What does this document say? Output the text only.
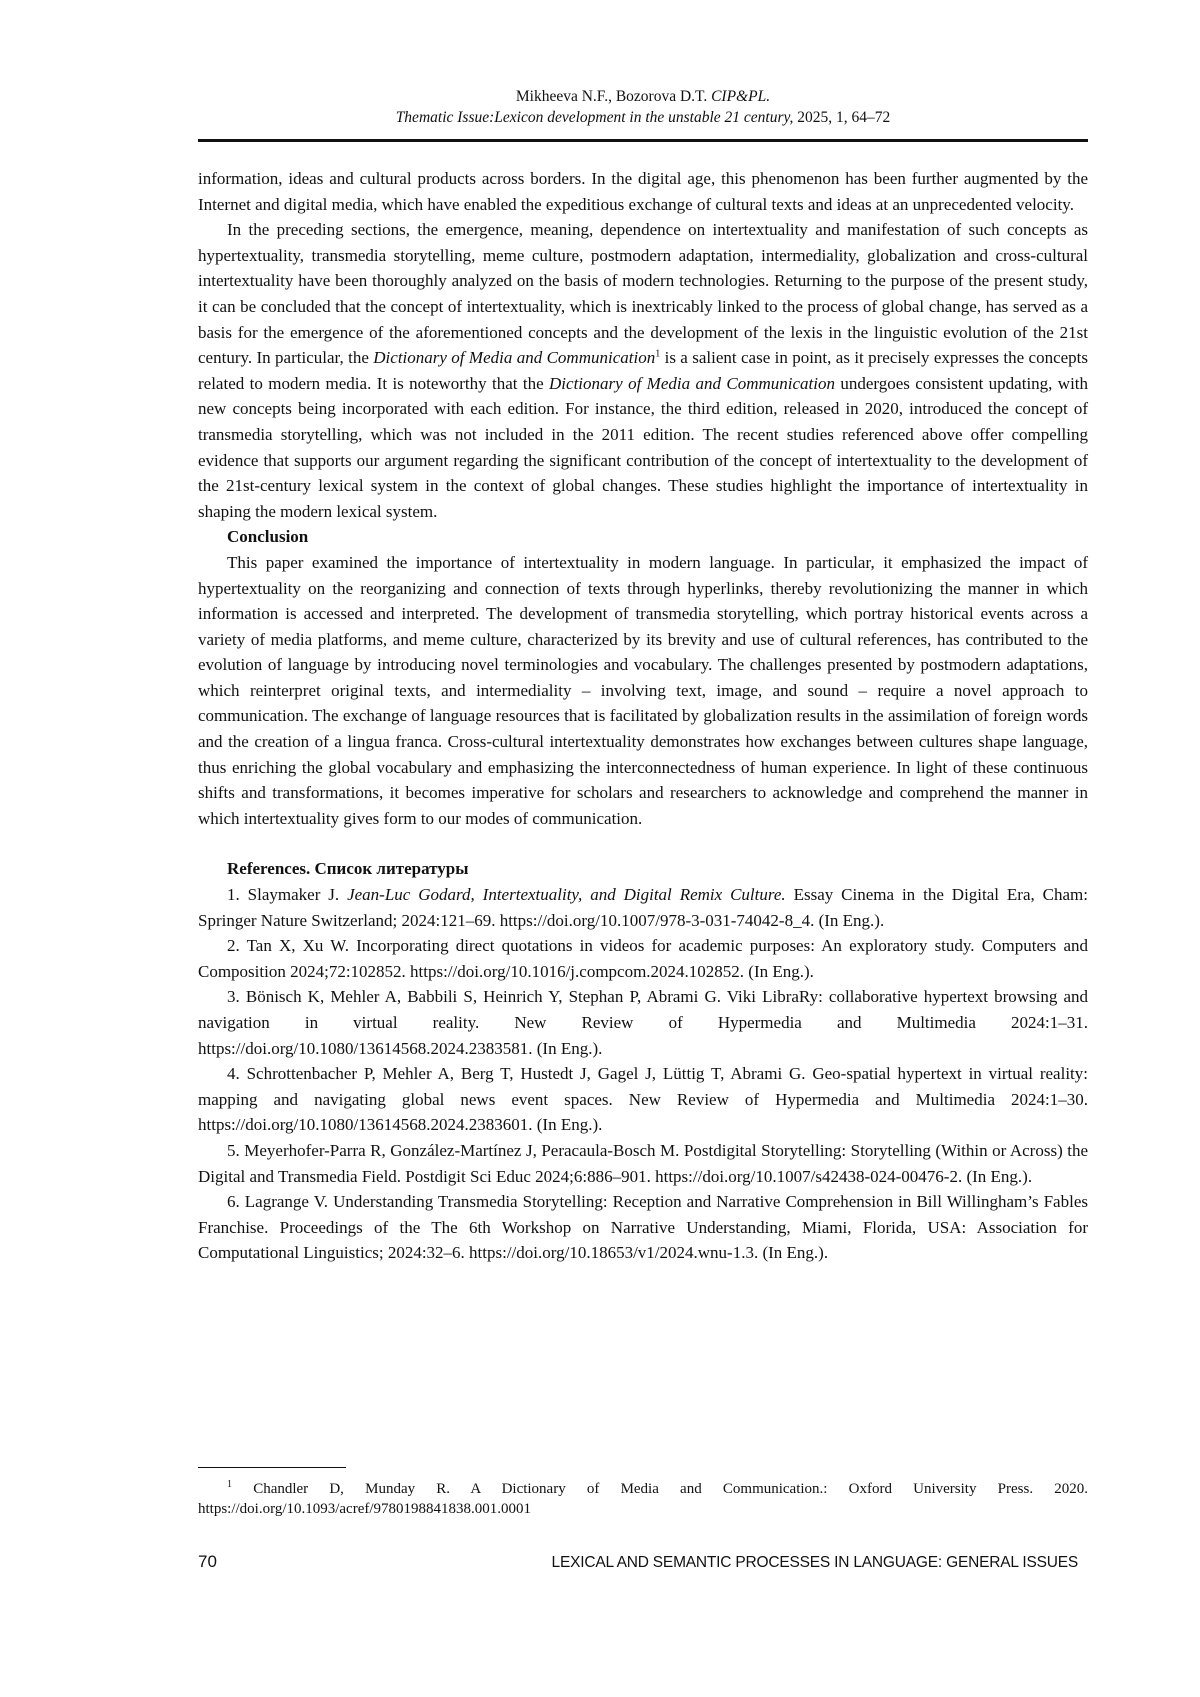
Mikheeva N.F., Bozorova D.T. CIP&PL.
Thematic Issue:Lexicon development in the unstable 21 century, 2025, 1, 64–72

information, ideas and cultural products across borders. In the digital age, this phenomenon has been further augmented by the Internet and digital media, which have enabled the expeditious exchange of cultural texts and ideas at an unprecedented velocity.

In the preceding sections, the emergence, meaning, dependence on intertextuality and manifestation of such concepts as hypertextuality, transmedia storytelling, meme culture, postmodern adaptation, intermediality, globalization and cross-cultural intertextuality have been thoroughly analyzed on the basis of modern technologies. Returning to the purpose of the present study, it can be concluded that the concept of intertextuality, which is inextricably linked to the process of global change, has served as a basis for the emergence of the aforementioned concepts and the development of the lexis in the linguistic evolution of the 21st century. In particular, the Dictionary of Media and Communication$^1$ is a salient case in point, as it precisely expresses the concepts related to modern media. It is noteworthy that the Dictionary of Media and Communication undergoes consistent updating, with new concepts being incorporated with each edition. For instance, the third edition, released in 2020, introduced the concept of transmedia storytelling, which was not included in the 2011 edition. The recent studies referenced above offer compelling evidence that supports our argument regarding the significant contribution of the concept of intertextuality to the development of the 21st-century lexical system in the context of global changes. These studies highlight the importance of intertextuality in shaping the modern lexical system.

Conclusion

This paper examined the importance of intertextuality in modern language. In particular, it emphasized the impact of hypertextuality on the reorganizing and connection of texts through hyperlinks, thereby revolutionizing the manner in which information is accessed and interpreted. The development of transmedia storytelling, which portray historical events across a variety of media platforms, and meme culture, characterized by its brevity and use of cultural references, has contributed to the evolution of language by introducing novel terminologies and vocabulary. The challenges presented by postmodern adaptations, which reinterpret original texts, and intermediality – involving text, image, and sound – require a novel approach to communication. The exchange of language resources that is facilitated by globalization results in the assimilation of foreign words and the creation of a lingua franca. Cross-cultural intertextuality demonstrates how exchanges between cultures shape language, thus enriching the global vocabulary and emphasizing the interconnectedness of human experience. In light of these continuous shifts and transformations, it becomes imperative for scholars and researchers to acknowledge and comprehend the manner in which intertextuality gives form to our modes of communication.

References. Список литературы

1. Slaymaker J. Jean-Luc Godard, Intertextuality, and Digital Remix Culture. Essay Cinema in the Digital Era, Cham: Springer Nature Switzerland; 2024:121–69. https://doi.org/10.1007/978-3-031-74042-8_4. (In Eng.).

2. Tan X, Xu W. Incorporating direct quotations in videos for academic purposes: An exploratory study. Computers and Composition 2024;72:102852. https://doi.org/10.1016/j.compcom.2024.102852. (In Eng.).

3. Bönisch K, Mehler A, Babbili S, Heinrich Y, Stephan P, Abrami G. Viki LibraRy: collaborative hypertext browsing and navigation in virtual reality. New Review of Hypermedia and Multimedia 2024:1–31. https://doi.org/10.1080/13614568.2024.2383581. (In Eng.).

4. Schrottenbacher P, Mehler A, Berg T, Hustedt J, Gagel J, Lüttig T, Abrami G. Geo-spatial hypertext in virtual reality: mapping and navigating global news event spaces. New Review of Hypermedia and Multimedia 2024:1–30. https://doi.org/10.1080/13614568.2024.2383601. (In Eng.).

5. Meyerhofer-Parra R, González-Martínez J, Peracaula-Bosch M. Postdigital Storytelling: Storytelling (Within or Across) the Digital and Transmedia Field. Postdigit Sci Educ 2024;6:886–901. https://doi.org/10.1007/s42438-024-00476-2. (In Eng.).

6. Lagrange V. Understanding Transmedia Storytelling: Reception and Narrative Comprehension in Bill Willingham’s Fables Franchise. Proceedings of the The 6th Workshop on Narrative Understanding, Miami, Florida, USA: Association for Computational Linguistics; 2024:32–6. https://doi.org/10.18653/v1/2024.wnu-1.3. (In Eng.).

$^1$ Chandler D, Munday R. A Dictionary of Media and Communication.: Oxford University Press. 2020. https://doi.org/10.1093/acref/9780198841838.001.0001
70	LEXICAL AND SEMANTIC PROCESSES IN LANGUAGE: GENERAL ISSUES
